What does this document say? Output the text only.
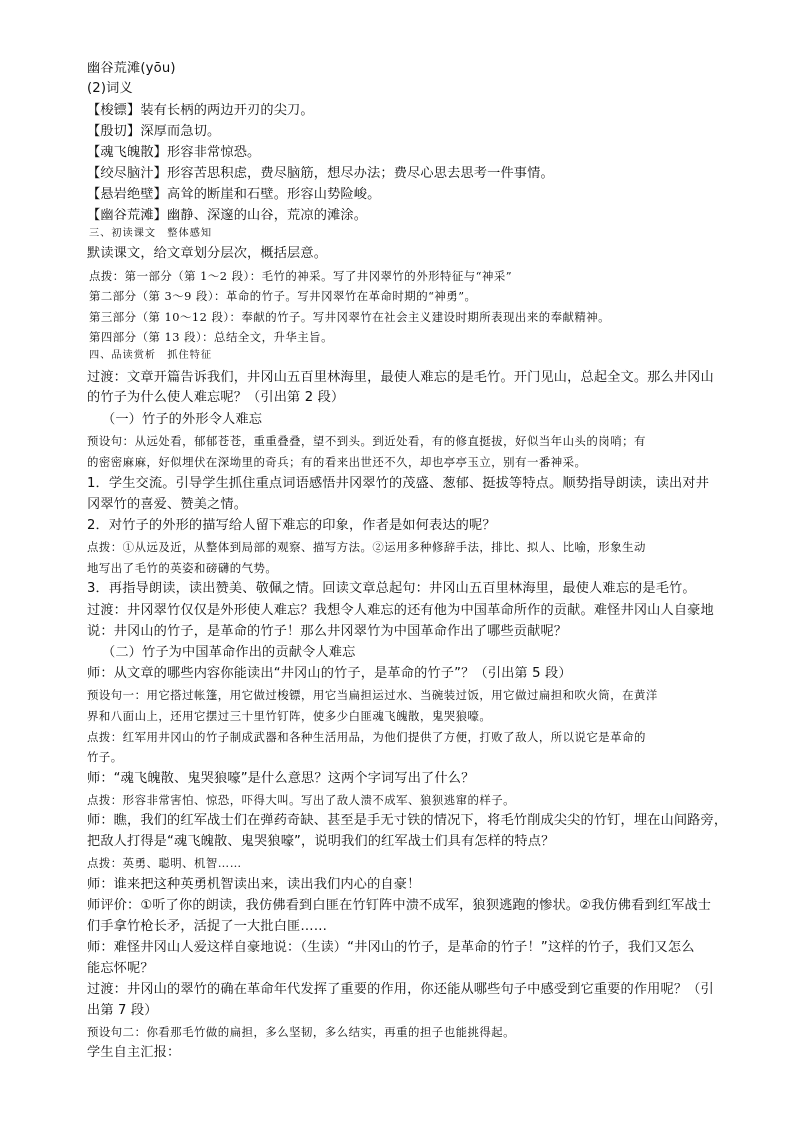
幽谷荒滩(yōu)
(2)词义
【梭镖】装有长柄的两边开刃的尖刀。
【殷切】深厚而急切。
【魂飞魄散】形容非常惊恐。
【绞尽脑汁】形容苦思积虑，费尽脑筋，想尽办法；费尽心思去思考一件事情。
【悬岩绝壁】高耸的断崖和石壁。形容山势险峻。
【幽谷荒滩】幽静、深邃的山谷，荒凉的滩涂。
三、初读课文　整体感知
默读课文，给文章划分层次，概括层意。
点拨：第一部分（第 1～2 段）：毛竹的神采。写了井冈翠竹的外形特征与“神采”
第二部分（第 3～9 段）：革命的竹子。写井冈翠竹在革命时期的“神勇”。
第三部分（第 10～12 段）：奉献的竹子。写井冈翠竹在社会主义建设时期所表现出来的奉献精神。
第四部分（第 13 段）：总结全文，升华主旨。
四、品读赏析　抓住特征
过渡：文章开篇告诉我们，井冈山五百里林海里，最使人难忘的是毛竹。开门见山，总起全文。那么井冈山
的竹子为什么使人难忘呢？（引出第 2 段）
（一）竹子的外形令人难忘
预设句：从远处看，郁郁苍苍，重重叠叠，望不到头。到近处看，有的修直挺拔，好似当年山头的岗哨；有
的密密麻麻，好似埋伏在深坳里的奇兵；有的看来出世还不久，却也亭亭玉立，别有一番神采。
1．学生交流。引导学生抓住重点词语感悟井冈翠竹的茂盛、葱郁、挺拔等特点。顺势指导朗读，读出对井
冈翠竹的喜爱、赞美之情。
2．对竹子的外形的描写给人留下难忘的印象，作者是如何表达的呢？
点拨：①从远及近，从整体到局部的观察、描写方法。②运用多种修辞手法，排比、拟人、比喻，形象生动
地写出了毛竹的英姿和磅礴的气势。
3．再指导朗读，读出赞美、敬佩之情。回读文章总起句：井冈山五百里林海里，最使人难忘的是毛竹。
过渡：井冈翠竹仅仅是外形使人难忘？我想令人难忘的还有他为中国革命所作的贡献。难怪井冈山人自豪地
说：井冈山的竹子，是革命的竹子！那么井冈翠竹为中国革命作出了哪些贡献呢？
（二）竹子为中国革命作出的贡献令人难忘
师：从文章的哪些内容你能读出“井冈山的竹子，是革命的竹子”？（引出第 5 段）
预设句一：用它搭过帐篷，用它做过梭镖，用它当扁担运过水、当碗装过饭，用它做过扁担和吹火筒，在黄洋
界和八面山上，还用它摆过三十里竹钉阵，使多少白匪魂飞魄散，鬼哭狼嚎。
点拨：红军用井冈山的竹子制成武器和各种生活用品，为他们提供了方便，打败了敌人，所以说它是革命的
竹子。
师：“魂飞魄散、鬼哭狼嚎”是什么意思？这两个字词写出了什么？
点拨：形容非常害怕、惊恐，吓得大叫。写出了敌人溃不成军、狼狈逃窜的样子。
师：瞧，我们的红军战士们在弹药奇缺、甚至是手无寸铁的情况下，将毛竹削成尖尖的竹钉，埋在山间路旁，
把敌人打得是“魂飞魄散、鬼哭狼嚎”，说明我们的红军战士们具有怎样的特点？
点拨：英勇、聪明、机智……
师：谁来把这种英勇机智读出来，读出我们内心的自豪！
师评价：①听了你的朗读，我仿佛看到白匪在竹钉阵中溃不成军，狼狈逃跑的惨状。②我仿佛看到红军战士
们手拿竹枪长矛，活捉了一大批白匪……
师：难怪井冈山人爱这样自豪地说：（生读）“井冈山的竹子，是革命的竹子！”这样的竹子，我们又怎么
能忘怀呢？
过渡：井冈山的翠竹的确在革命年代发挥了重要的作用，你还能从哪些句子中感受到它重要的作用呢？（引
出第 7 段）
预设句二：你看那毛竹做的扁担，多么坚韧，多么结实，再重的担子也能挑得起。
学生自主汇报：
